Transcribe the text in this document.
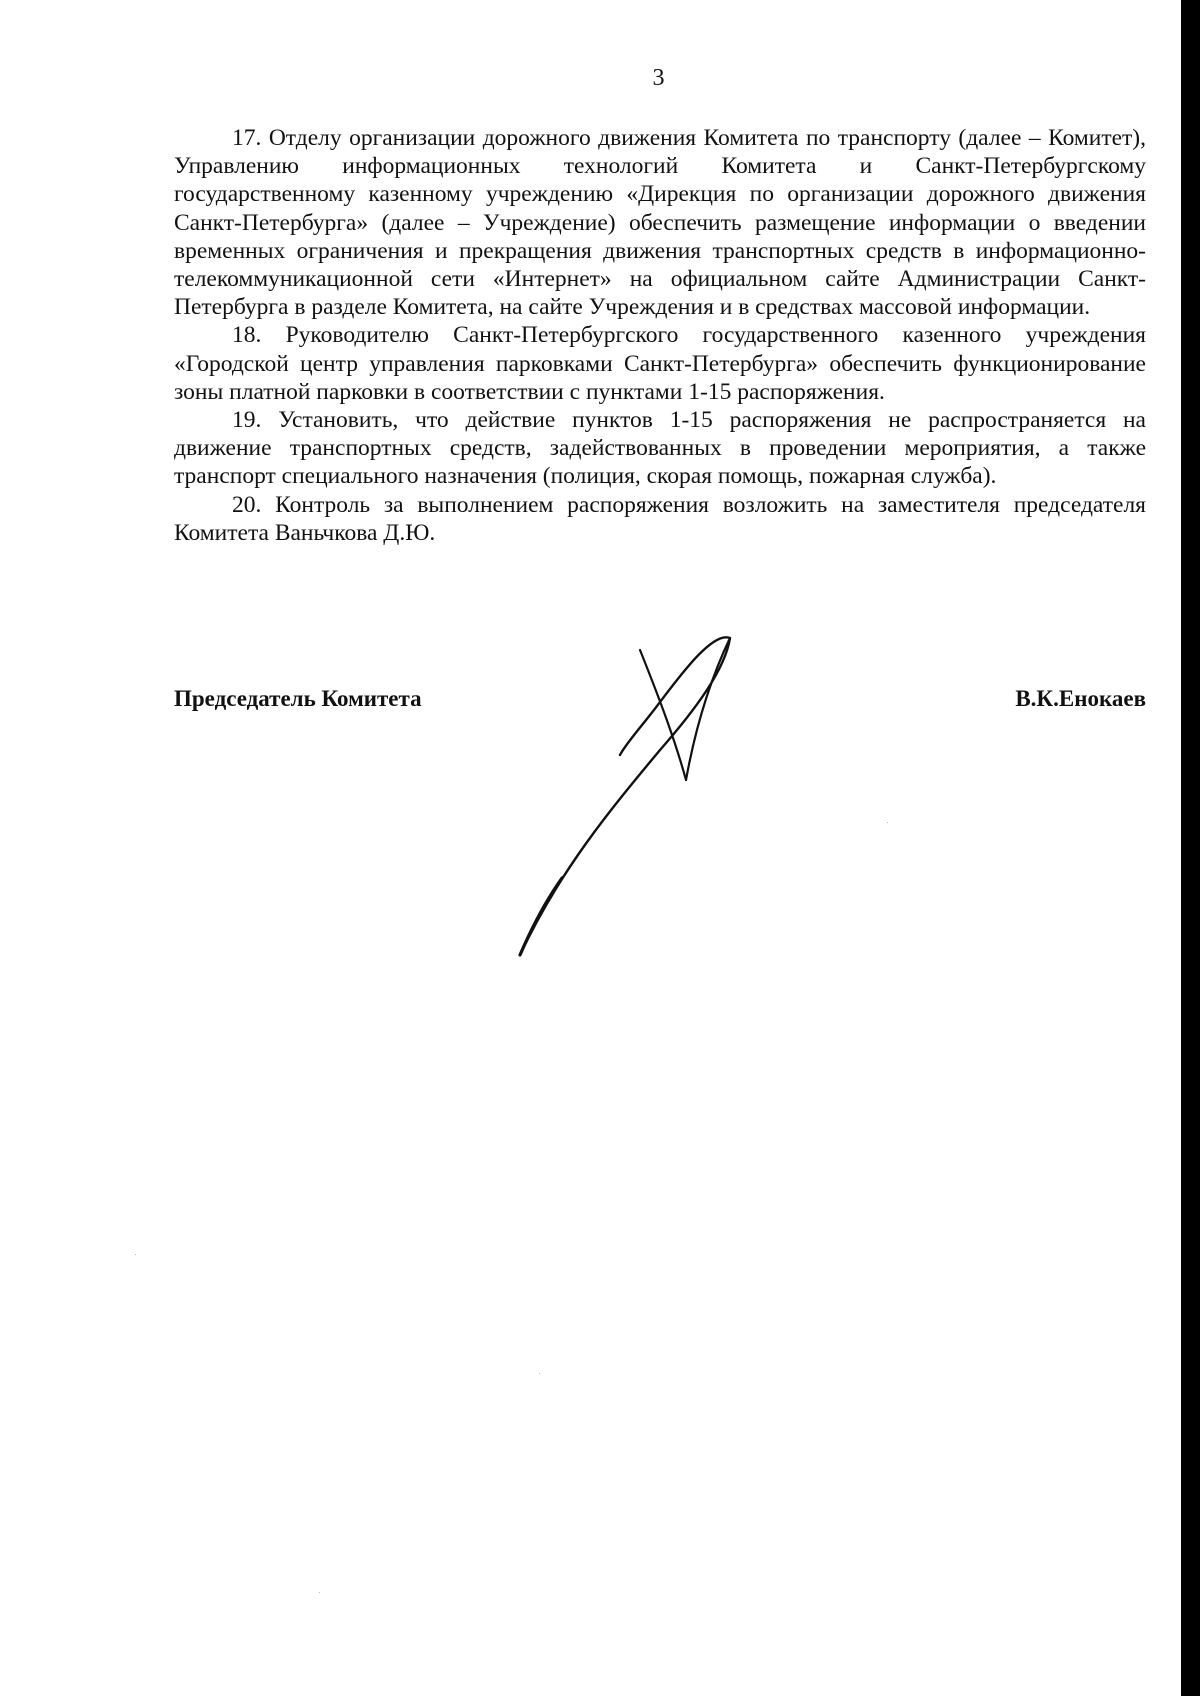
3

17. Отделу организации дорожного движения Комитета по транспорту (далее – Комитет), Управлению информационных технологий Комитета и Санкт-Петербургскому государственному казенному учреждению «Дирекция по организации дорожного движения Санкт-Петербурга» (далее – Учреждение) обеспечить размещение информации о введении временных ограничения и прекращения движения транспортных средств в информационно-телекоммуникационной сети «Интернет» на официальном сайте Администрации Санкт-Петербурга в разделе Комитета, на сайте Учреждения и в средствах массовой информации.

18. Руководителю Санкт-Петербургского государственного казенного учреждения «Городской центр управления парковками Санкт-Петербурга» обеспечить функционирование зоны платной парковки в соответствии с пунктами 1-15 распоряжения.

19. Установить, что действие пунктов 1-15 распоряжения не распространяется на движение транспортных средств, задействованных в проведении мероприятия, а также транспорт специального назначения (полиция, скорая помощь, пожарная служба).

20. Контроль за выполнением распоряжения возложить на заместителя председателя Комитета Ваньчкова Д.Ю.

Председатель Комитета	В.К.Енокаев
